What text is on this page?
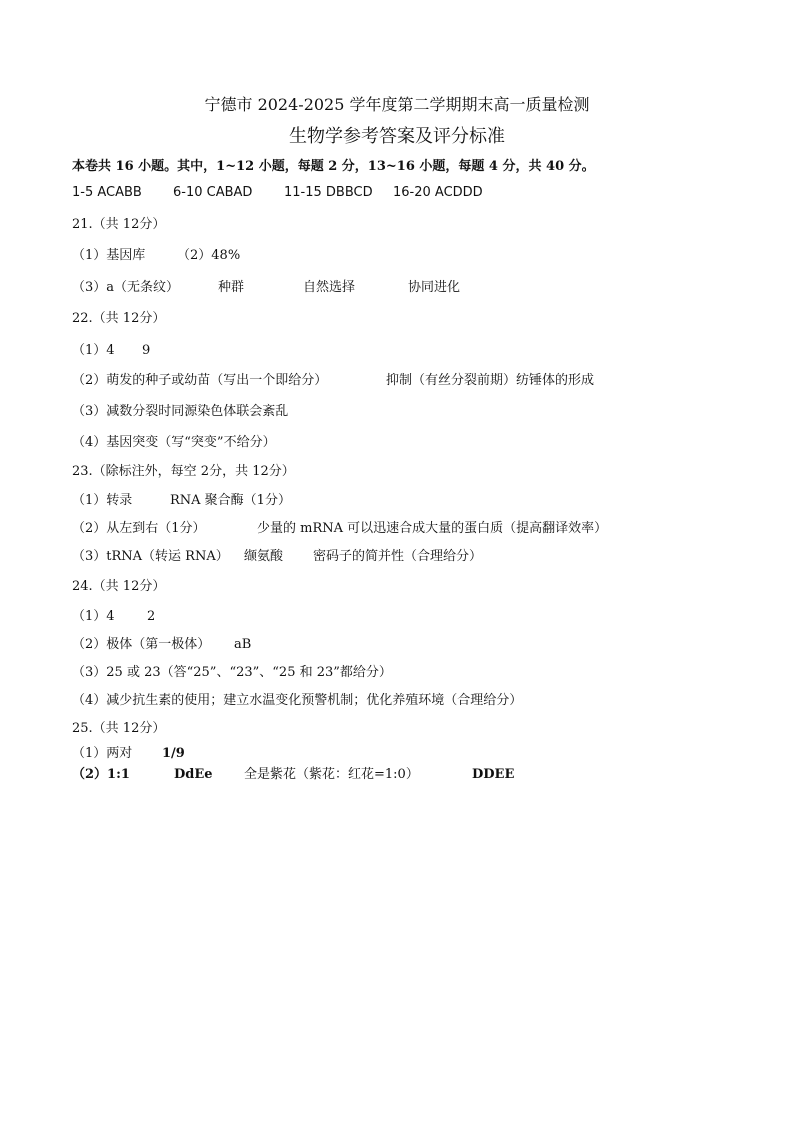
宁德市 2024-2025 学年度第二学期期末高一质量检测
生物学参考答案及评分标准
本卷共 16 小题。其中，1~12 小题，每题 2 分，13~16 小题，每题 4 分，共 40 分。
1-5 ACABB 6-10 CABAD 11-15 DBBCD 16-20 ACDDD
21.（共 12分）
（1）基因库 （2）48%
（3）a（无条纹）	种群	自然选择	协同进化
22.（共 12分）
（1）4 9
（2）萌发的种子或幼苗（写出一个即给分）	抑制（有丝分裂前期）纺锤体的形成
（3）减数分裂时同源染色体联会紊乱
（4）基因突变（写“突变”不给分）
23.（除标注外，每空 2分，共 12分）
（1）转录	RNA 聚合酶（1分）
（2）从左到右（1分）	少量的 mRNA 可以迅速合成大量的蛋白质（提高翻译效率）
（3）tRNA（转运 RNA） 缬氨酸 密码子的简并性（合理给分）
24.（共 12分）
（1）4 2
（2）极体（第一极体） aB
（3）25 或 23（答“25”、“23”、“25 和 23”都给分）
（4）减少抗生素的使用；建立水温变化预警机制；优化养殖环境（合理给分）
25.（共 12分）
（1）两对 1/9
（2）1:1	DdEe 全是紫花（紫花：红花=1:0）	DDEE
